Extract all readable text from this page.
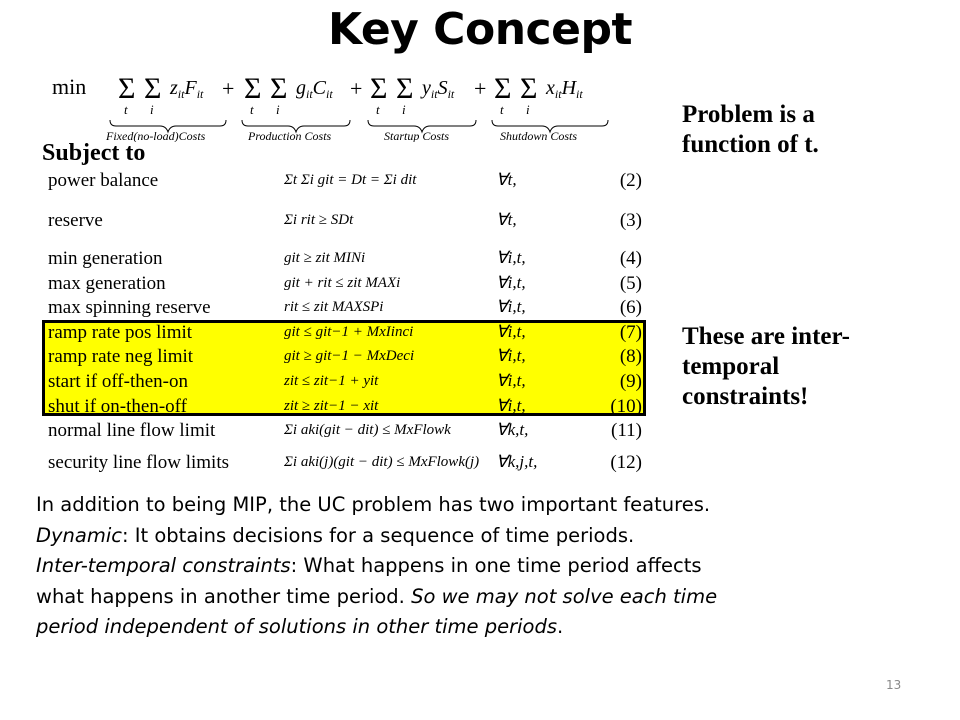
Key Concept
min Σ Σ
t i
$z_{it}F_{it}$
Fixed(no-load)Costs
+ Σ Σ
t i
$g_{it}C_{it}$
Production Costs
+ Σ Σ
t i
$y_{it}S_{it}$
Startup Costs
+ Σ Σ
t i
$x_{it}H_{it}$
Shutdown Costs
Problem is a
function of t.
Subject to
power balance	Σt Σi git = Dt = Σi dit	∀t,	(2)
reserve	Σi rit ≥ SDt	∀t,	(3)
min generation	git ≥ zit MINi	∀i,t,	(4)
max generation	git + rit ≤ zit MAXi	∀i,t,	(5)
max spinning reserve	rit ≤ zit MAXSPi	∀i,t,	(6)
ramp rate pos limit	git ≤ git−1 + MxIinci	∀i,t,	(7)
ramp rate neg limit	git ≥ git−1 − MxDeci	∀i,t,	(8)
start if off-then-on	zit ≤ zit−1 + yit	∀i,t,	(9)
shut if on-then-off	zit ≥ zit−1 − xit	∀i,t,	(10)
normal line flow limit	Σi aki(git − dit) ≤ MxFlowk	∀k,t,	(11)
security line flow limits	Σi aki(j)(git − dit) ≤ MxFlowk(j) ∀k,j,t,	(12)
These are inter-
temporal
constraints!

In addition to being MIP, the UC problem has two important features.

Dynamic: It obtains decisions for a sequence of time periods.

Inter-temporal constraints: What happens in one time period affects

what happens in another time period. So we may not solve each time

period independent of solutions in other time periods.

13
